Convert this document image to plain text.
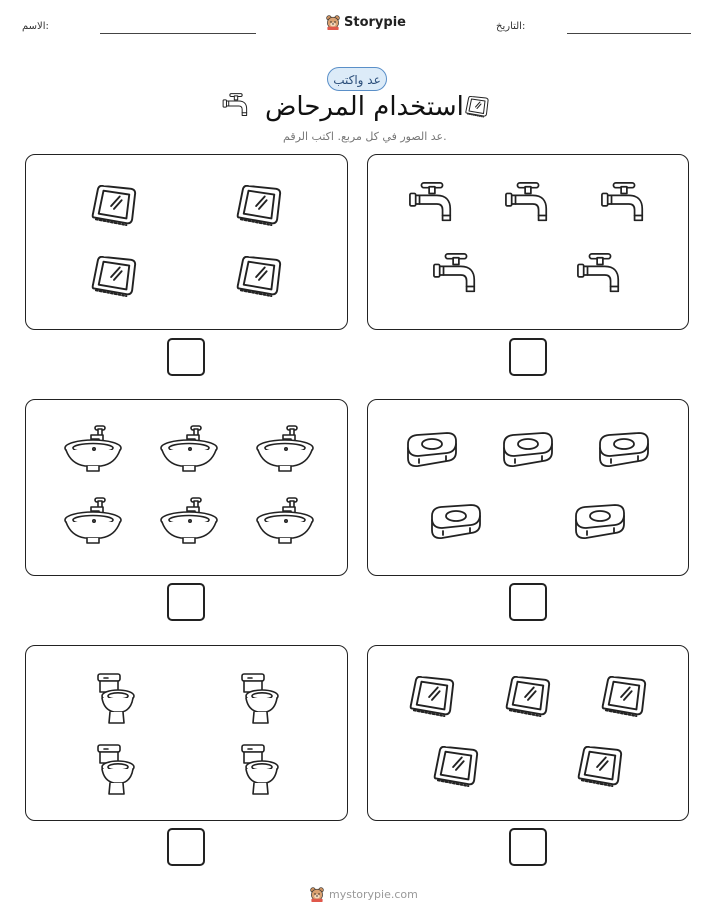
الاسم:	Storypie	التاريخ:
عد واكتب
استخدام المرحاض
عد الصور في كل مربع. اكتب الرقم.
mystorypie.com
